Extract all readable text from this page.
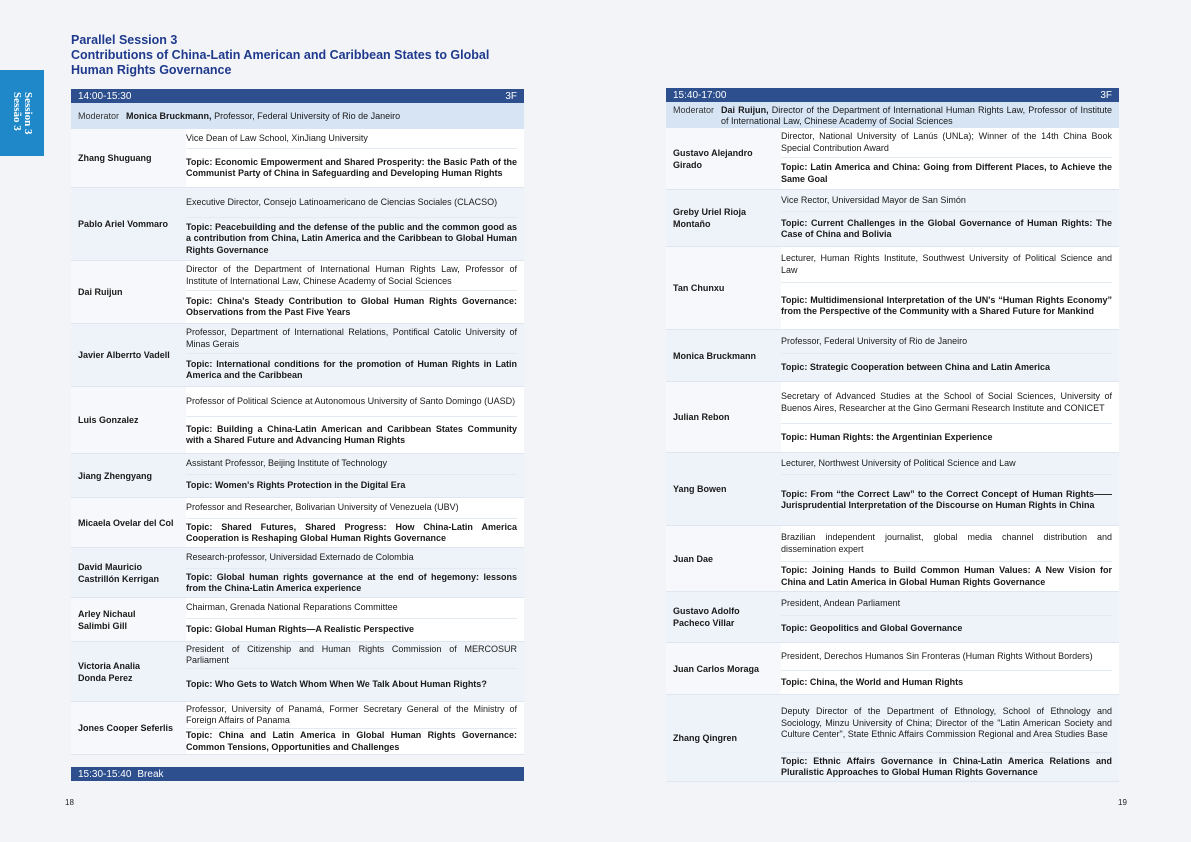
Session 3
Sessão 3
Parallel Session 3
Contributions of China-Latin American and Caribbean States to Global Human Rights Governance
14:00-15:30	3F
Moderator Monica Bruckmann, Professor, Federal University of Rio de Janeiro
Zhang Shuguang
Vice Dean of Law School, XinJiang University
Topic: Economic Empowerment and Shared Prosperity: the Basic Path of the Communist Party of China in Safeguarding and Developing Human Rights
Pablo Ariel Vommaro
Executive Director, Consejo Latinoamericano de Ciencias Sociales (CLACSO)
Topic: Peacebuilding and the defense of the public and the common good as a contribution from China, Latin America and the Caribbean to Global Human Rights Governance
Dai Ruijun
Director of the Department of International Human Rights Law, Professor of Institute of International Law, Chinese Academy of Social Sciences
Topic: China's Steady Contribution to Global Human Rights Governance: Observations from the Past Five Years
Javier Alberrto Vadell
Professor, Department of International Relations, Pontifical Catolic University of Minas Gerais
Topic: International conditions for the promotion of Human Rights in Latin America and the Caribbean
Luis Gonzalez
Professor of Political Science at Autonomous University of Santo Domingo (UASD)
Topic: Building a China-Latin American and Caribbean States Community with a Shared Future and Advancing Human Rights
Jiang Zhengyang
Assistant Professor, Beijing Institute of Technology
Topic: Women's Rights Protection in the Digital Era
Micaela Ovelar del Col
Professor and Researcher, Bolivarian University of Venezuela (UBV)
Topic: Shared Futures, Shared Progress: How China-Latin America Cooperation is Reshaping Global Human Rights Governance
David Mauricio
Castrillón Kerrigan
Research-professor, Universidad Externado de Colombia
Topic: Global human rights governance at the end of hegemony: lessons from the China-Latin America experience
Arley Nichaul
Salimbi Gill
Chairman, Grenada National Reparations Committee
Topic: Global Human Rights—A Realistic Perspective
Victoria Analia
Donda Perez
President of Citizenship and Human Rights Commission of MERCOSUR Parliament
Topic: Who Gets to Watch Whom When We Talk About Human Rights?
Jones Cooper Seferlis
Professor, University of Panamá, Former Secretary General of the Ministry of Foreign Affairs of Panama
Topic: China and Latin America in Global Human Rights Governance: Common Tensions, Opportunities and Challenges
15:30-15:40 Break
15:40-17:00	3F
Moderator Dai Ruijun, Director of the Department of International Human Rights Law, Professor of Institute of International Law, Chinese Academy of Social Sciences
Gustavo Alejandro
Girado
Director, National University of Lanús (UNLa); Winner of the 14th China Book Special Contribution Award
Topic: Latin America and China: Going from Different Places, to Achieve the Same Goal
Greby Uriel Rioja
Montaño
Vice Rector, Universidad Mayor de San Simón
Topic: Current Challenges in the Global Governance of Human Rights: The Case of China and Bolivia
Tan Chunxu
Lecturer, Human Rights Institute, Southwest University of Political Science and Law
Topic: Multidimensional Interpretation of the UN's “Human Rights Economy” from the Perspective of the Community with a Shared Future for Mankind
Monica Bruckmann
Professor, Federal University of Rio de Janeiro
Topic: Strategic Cooperation between China and Latin America
Julian Rebon
Secretary of Advanced Studies at the School of Social Sciences, University of Buenos Aires, Researcher at the Gino Germani Research Institute and CONICET
Topic: Human Rights: the Argentinian Experience
Yang Bowen
Lecturer, Northwest University of Political Science and Law
Topic: From “the Correct Law” to the Correct Concept of Human Rights——Jurisprudential Interpretation of the Discourse on Human Rights in China
Juan Dae
Brazilian independent journalist, global media channel distribution and dissemination expert
Topic: Joining Hands to Build Common Human Values: A New Vision for China and Latin America in Global Human Rights Governance
Gustavo Adolfo
Pacheco Villar
President, Andean Parliament
Topic: Geopolitics and Global Governance
Juan Carlos Moraga
President, Derechos Humanos Sin Fronteras (Human Rights Without Borders)
Topic: China, the World and Human Rights
Zhang Qingren
Deputy Director of the Department of Ethnology, School of Ethnology and Sociology, Minzu University of China; Director of the "Latin American Society and Culture Center", State Ethnic Affairs Commission Regional and Area Studies Base
Topic: Ethnic Affairs Governance in China-Latin America Relations and Pluralistic Approaches to Global Human Rights Governance
18	19
